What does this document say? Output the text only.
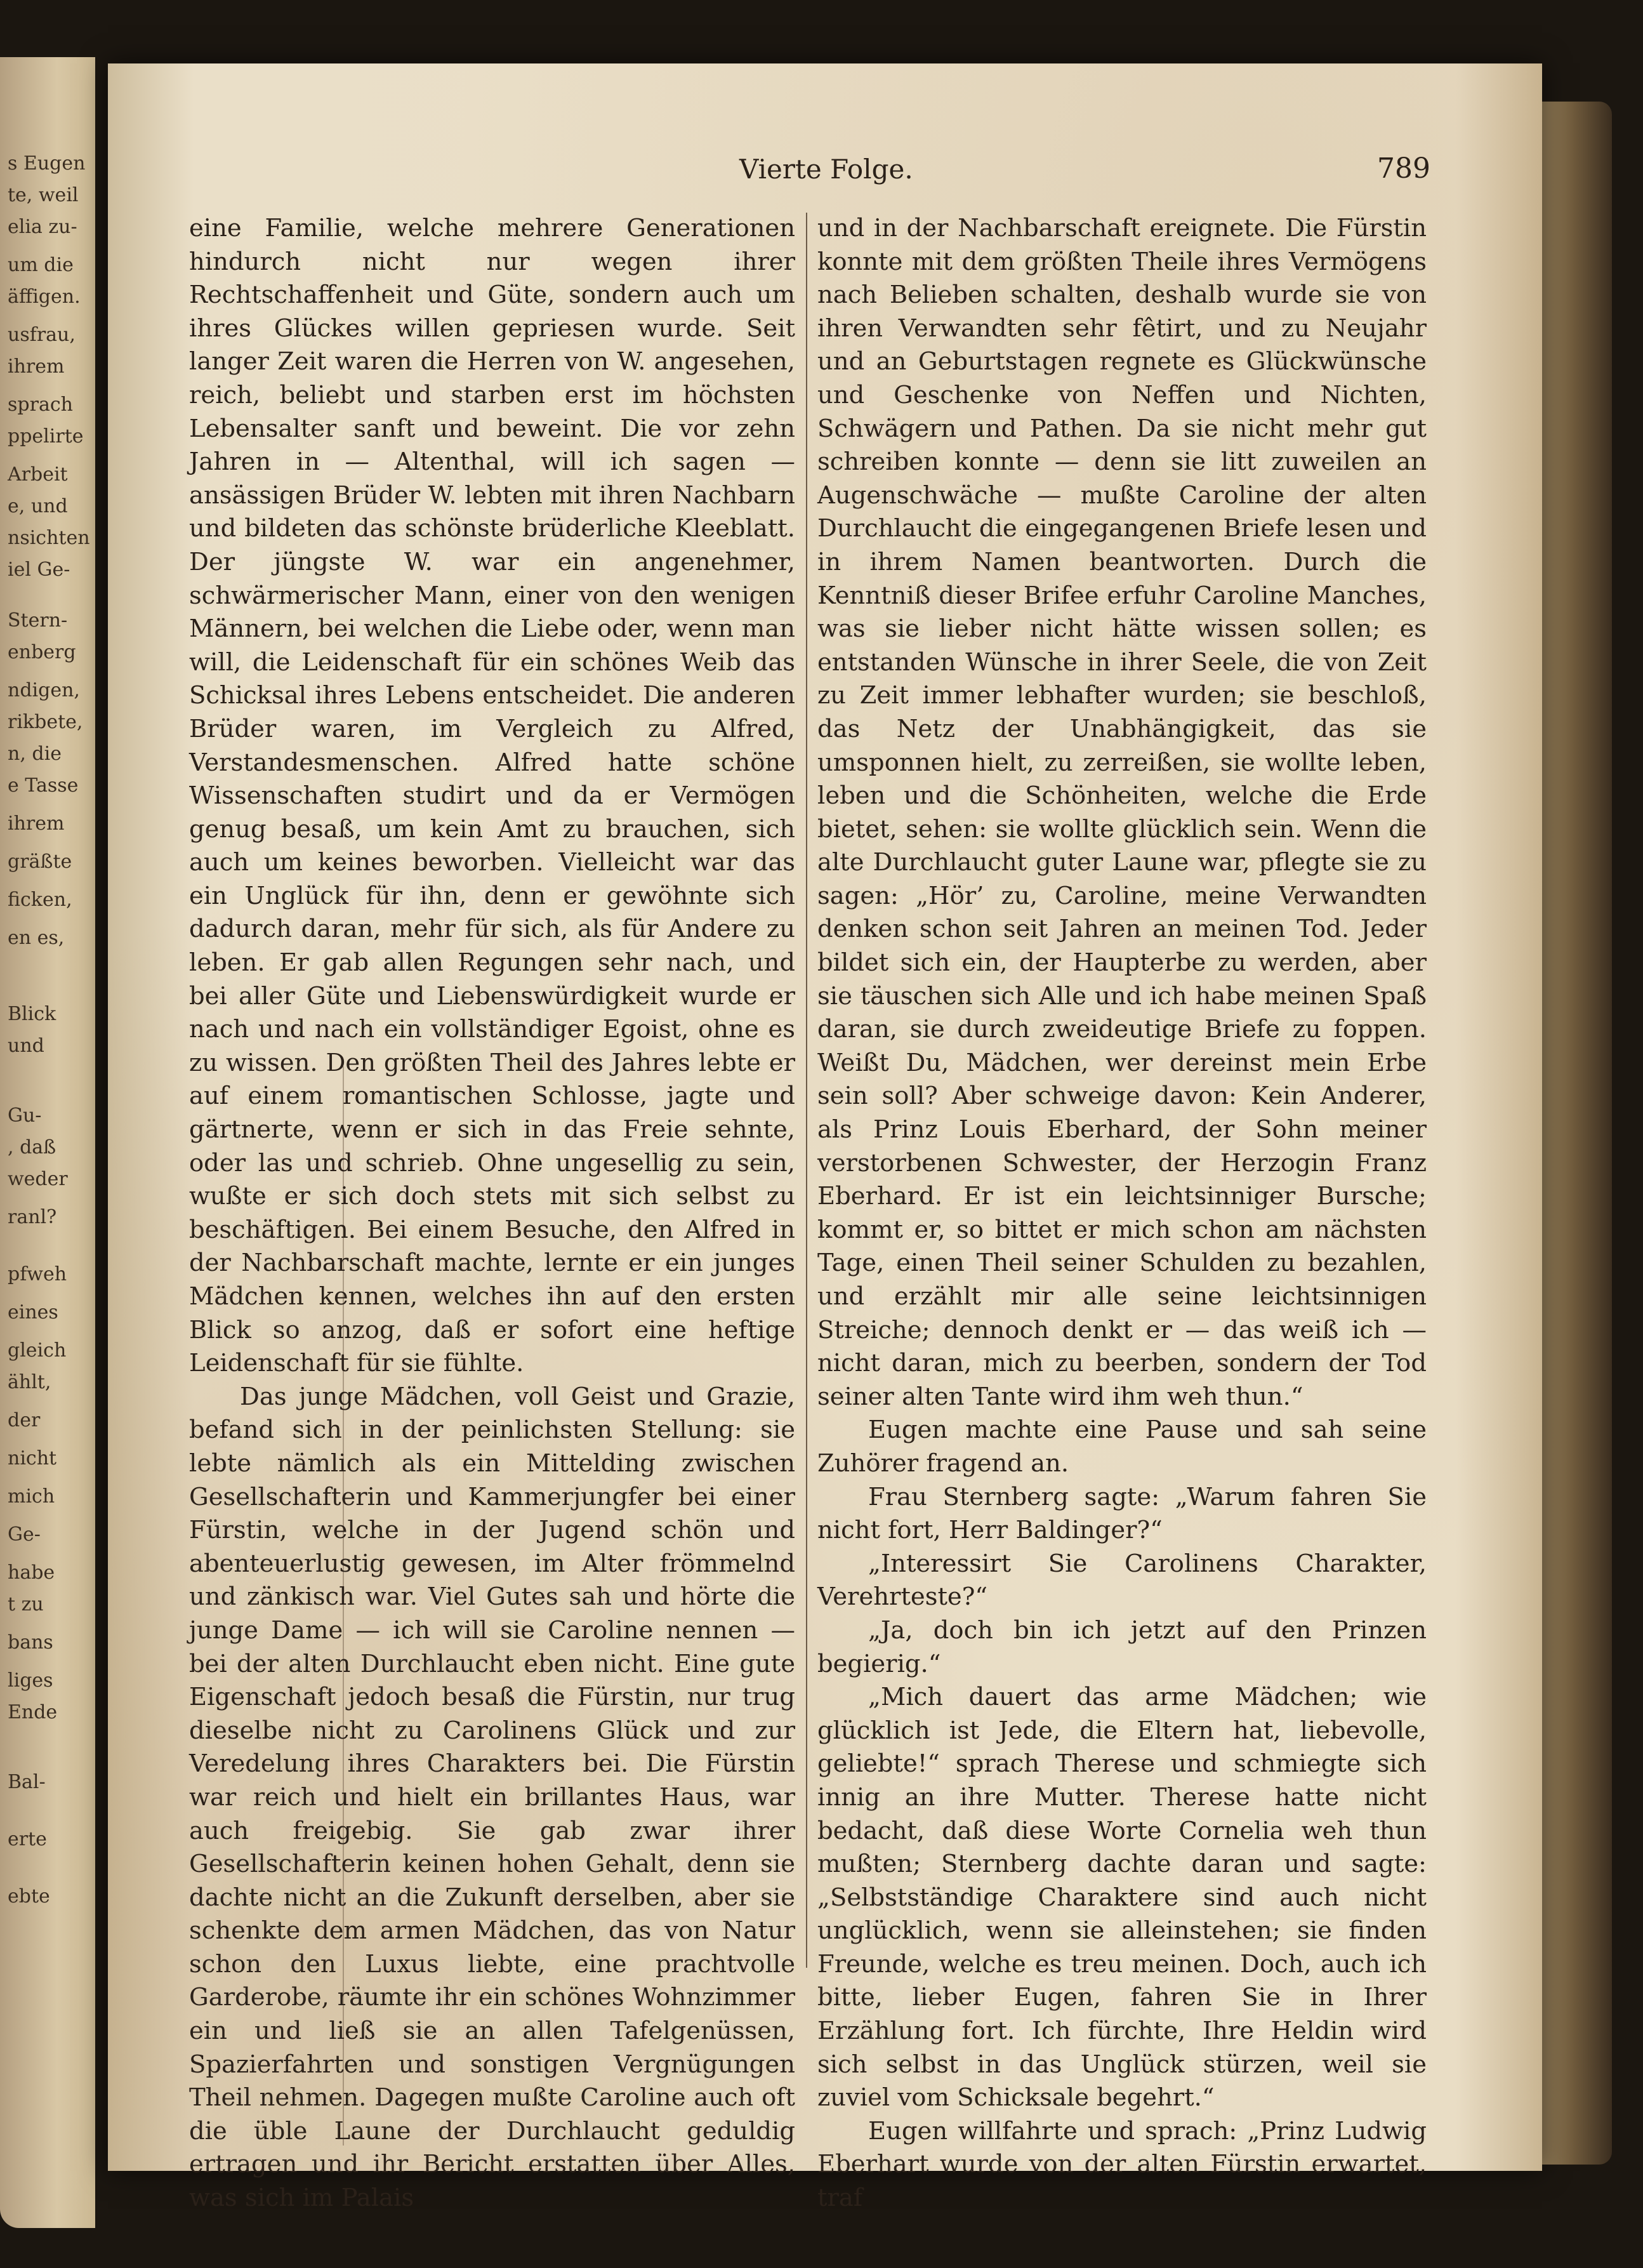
s Eugen
te, weil
elia zu-
um die
äffigen.
usfrau,
ihrem
sprach
ppelirte
Arbeit
e, und
nsichten
iel Ge-
Stern-
enberg
ndigen,
rikbete,
n, die
e Tasse
ihrem
gräßte
ficken,
en es,
Blick
und
Gu-
, daß
weder
ranl?
pfweh
eines
gleich
ählt,
der
nicht
mich
Ge-
habe
t zu
bans
liges
Ende
Bal-
erte
ebte
Vierte Folge.	789

eine Familie, welche mehrere Generationen hindurch nicht nur wegen ihrer Rechtschaffenheit und Güte, sondern auch um ihres Glückes willen gepriesen wurde. Seit langer Zeit waren die Herren von W. angesehen, reich, beliebt und starben erst im höchsten Lebensalter sanft und beweint. Die vor zehn Jahren in — Altenthal, will ich sagen — ansässigen Brüder W. lebten mit ihren Nachbarn und bildeten das schönste brüderliche Kleeblatt. Der jüngste W. war ein angenehmer, schwärmerischer Mann, einer von den wenigen Männern, bei welchen die Liebe oder, wenn man will, die Leidenschaft für ein schönes Weib das Schicksal ihres Lebens entscheidet. Die anderen Brüder waren, im Vergleich zu Alfred, Verstandesmenschen. Alfred hatte schöne Wissenschaften studirt und da er Vermögen genug besaß, um kein Amt zu brauchen, sich auch um keines beworben. Vielleicht war das ein Unglück für ihn, denn er gewöhnte sich dadurch daran, mehr für sich, als für Andere zu leben. Er gab allen Regungen sehr nach, und bei aller Güte und Liebenswürdigkeit wurde er nach und nach ein vollständiger Egoist, ohne es zu wissen. Den größten Theil des Jahres lebte er auf einem romantischen Schlosse, jagte und gärtnerte, wenn er sich in das Freie sehnte, oder las und schrieb. Ohne ungesellig zu sein, wußte er sich doch stets mit sich selbst zu beschäftigen. Bei einem Besuche, den Alfred in der Nachbarschaft machte, lernte er ein junges Mädchen kennen, welches ihn auf den ersten Blick so anzog, daß er sofort eine heftige Leidenschaft für sie fühlte.

Das junge Mädchen, voll Geist und Grazie, befand sich in der peinlichsten Stellung: sie lebte nämlich als ein Mittelding zwischen Gesellschafterin und Kammerjungfer bei einer Fürstin, welche in der Jugend schön und abenteuerlustig gewesen, im Alter frömmelnd und zänkisch war. Viel Gutes sah und hörte die junge Dame — ich will sie Caroline nennen — bei der alten Durchlaucht eben nicht. Eine gute Eigenschaft jedoch besaß die Fürstin, nur trug dieselbe nicht zu Carolinens Glück und zur Veredelung ihres Charakters bei. Die Fürstin war reich und hielt ein brillantes Haus, war auch freigebig. Sie gab zwar ihrer Gesellschafterin keinen hohen Gehalt, denn sie dachte nicht an die Zukunft derselben, aber sie schenkte dem armen Mädchen, das von Natur schon den Luxus liebte, eine prachtvolle Garderobe, räumte ihr ein schönes Wohnzimmer ein und ließ sie an allen Tafelgenüssen, Spazierfahrten und sonstigen Vergnügungen Theil nehmen. Dagegen mußte Caroline auch oft die üble Laune der Durchlaucht geduldig ertragen und ihr Bericht erstatten über Alles, was sich im Palais

und in der Nachbarschaft ereignete. Die Fürstin konnte mit dem größten Theile ihres Vermögens nach Belieben schalten, deshalb wurde sie von ihren Verwandten sehr fêtirt, und zu Neujahr und an Geburtstagen regnete es Glückwünsche und Geschenke von Neffen und Nichten, Schwägern und Pathen. Da sie nicht mehr gut schreiben konnte — denn sie litt zuweilen an Augenschwäche — mußte Caroline der alten Durchlaucht die eingegangenen Briefe lesen und in ihrem Namen beantworten. Durch die Kenntniß dieser Brifee erfuhr Caroline Manches, was sie lieber nicht hätte wissen sollen; es entstanden Wünsche in ihrer Seele, die von Zeit zu Zeit immer lebhafter wurden; sie beschloß, das Netz der Unabhängigkeit, das sie umsponnen hielt, zu zerreißen, sie wollte leben, leben und die Schönheiten, welche die Erde bietet, sehen: sie wollte glücklich sein. Wenn die alte Durchlaucht guter Laune war, pflegte sie zu sagen: „Hör’ zu, Caroline, meine Verwandten denken schon seit Jahren an meinen Tod. Jeder bildet sich ein, der Haupterbe zu werden, aber sie täuschen sich Alle und ich habe meinen Spaß daran, sie durch zweideutige Briefe zu foppen. Weißt Du, Mädchen, wer dereinst mein Erbe sein soll? Aber schweige davon: Kein Anderer, als Prinz Louis Eberhard, der Sohn meiner verstorbenen Schwester, der Herzogin Franz Eberhard. Er ist ein leichtsinniger Bursche; kommt er, so bittet er mich schon am nächsten Tage, einen Theil seiner Schulden zu bezahlen, und erzählt mir alle seine leichtsinnigen Streiche; dennoch denkt er — das weiß ich — nicht daran, mich zu beerben, sondern der Tod seiner alten Tante wird ihm weh thun.“

Eugen machte eine Pause und sah seine Zuhörer fragend an.

Frau Sternberg sagte: „Warum fahren Sie nicht fort, Herr Baldinger?“

„Interessirt Sie Carolinens Charakter, Verehrteste?“

„Ja, doch bin ich jetzt auf den Prinzen begierig.“

„Mich dauert das arme Mädchen; wie glücklich ist Jede, die Eltern hat, liebevolle, geliebte!“ sprach Therese und schmiegte sich innig an ihre Mutter. Therese hatte nicht bedacht, daß diese Worte Cornelia weh thun mußten; Sternberg dachte daran und sagte: „Selbstständige Charaktere sind auch nicht unglücklich, wenn sie alleinstehen; sie finden Freunde, welche es treu meinen. Doch, auch ich bitte, lieber Eugen, fahren Sie in Ihrer Erzählung fort. Ich fürchte, Ihre Heldin wird sich selbst in das Unglück stürzen, weil sie zuviel vom Schicksale begehrt.“

Eugen willfahrte und sprach: „Prinz Ludwig Eberhart wurde von der alten Fürstin erwartet, traf
